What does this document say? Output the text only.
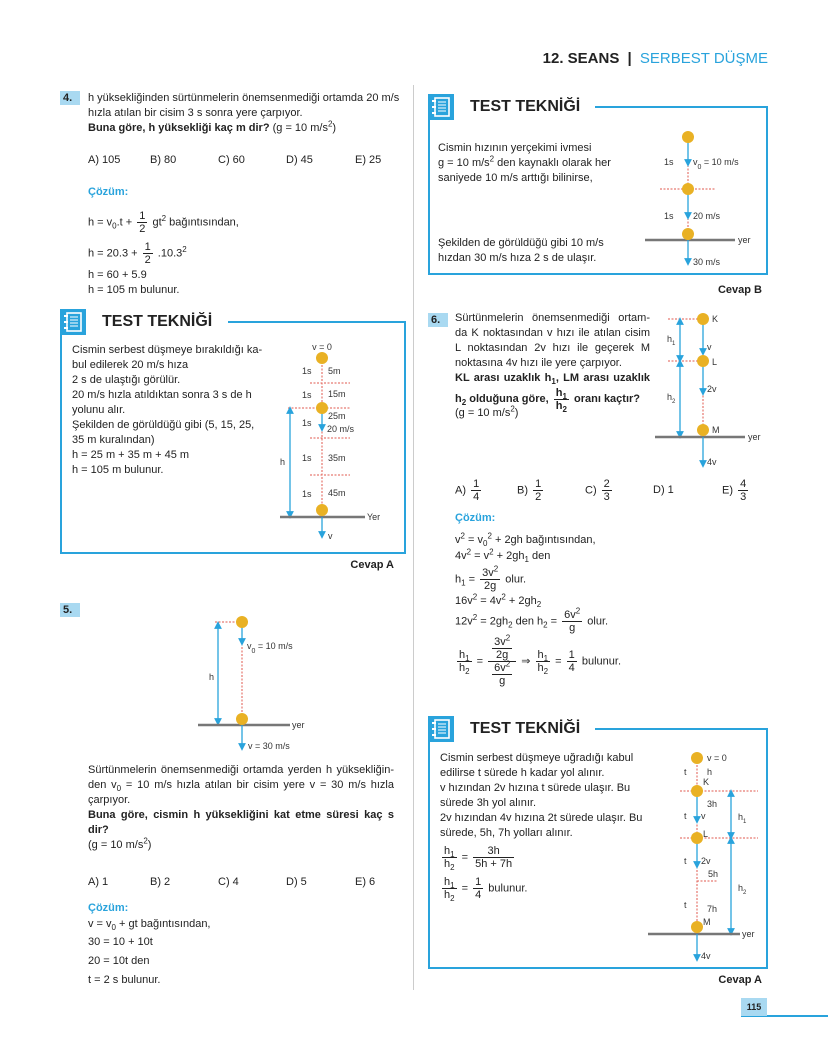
12. SEANS | SERBEST DÜŞME
4.	h yüksekliğinden sürtünmelerin önemsenmediği ortamda 20 m/s
hızla atılan bir cisim 3 s sonra yere çarpıyor.
Buna göre, h yüksekliği kaç m dir? (g = 10 $m/s^2$)
A) 105	B) 80	C) 60	D) 45	E) 25
Çözüm:
$h = v_0.t + \frac{1}{2} gt^2$ bağıntısından,
$h = 20.3 + \frac{1}{2} .10.3^2$
h = 60 + 5.9
h = 105 m bulunur.
TEST TEKNİĞİ
Cismin serbest düşmeye bırakıldığı ka-
bul edilerek 20 m/s hıza
2 s de ulaştığı görülür.
20 m/s hızla atıldıktan sonra 3 s de h
yolunu alır.
Şekilden de görüldüğü gibi (5, 15, 25,
35 m kuralından)
h = 25 m + 35 m + 45 m
h = 105 m bulunur.
v = 0
1s 5m
1s 15m
25m
1s
20 m/s
1s 35m
1s 45m
h
Yer
v
Cevap A
5.
$v_0 = 10$ m/s
h
yer
v = 30 m/s
Sürtünmelerin önemsenmediği ortamda yerden h yüksekliğin-
den $v_0 = 10$ m/s hızla atılan bir cisim yere v = 30 m/s hızla
çarpıyor.
Buna göre, cismin h yüksekliğini kat etme süresi kaç s
dir?
(g = 10 $m/s^2$)
A) 1	B) 2	C) 4	D) 5	E) 6
Çözüm:
$v = v_0$ + gt bağıntısından,
30 = 10 + 10t
20 = 10t den
t = 2 s bulunur.
TEST TEKNİĞİ
Cismin hızının yerçekimi ivmesi
g = 10 $m/s^2$ den kaynaklı olarak her
saniyede 10 m/s arttığı bilinirse,
Şekilden de görüldüğü gibi 10 m/s
hızdan 30 m/s hıza 2 s de ulaşır.
1s $v_0 = 10$ m/s
1s 20 m/s
yer
30 m/s
Cevap B
6.	Sürtünmelerin önemsenmediği ortam-
da K noktasından v hızı ile atılan cisim
L noktasından 2v hızı ile geçerek M
noktasına 4v hızı ile yere çarpıyor.
KL arası uzaklık $h_1$, LM arası uzaklık
$h_2$ olduğuna göre, $\frac{h_1}{h_2}$ oranı kaçtır?
(g = 10 $m/s^2$)
K
L
M
v
2v
4v
yer
$h_1$
$h_2$
$A) \frac{1}{4}$	$B) \frac{1}{2}$	$C) \frac{2}{3}$	D) 1	$E) \frac{4}{3}$
Çözüm:
$v^2 = v_0^2 + 2gh$ bağıntısından,
$4v^2 = v^2 + 2gh_1$ den
$h_1 = \frac{3v^2}{2g}$ olur.
$16v^2 = 4v^2 + 2gh_2$
$12v^2 = 2gh_2$ den $h_2 = \frac{6v^2}{g}$ olur.
$\frac{h_1}{h_2} = \frac{\frac{3v^2}{2g}}{\frac{6v^2}{g}}$ ⇒ $\frac{h_1}{h_2} = \frac{1}{4}$ bulunur.
TEST TEKNİĞİ
Cismin serbest düşmeye uğradığı kabul
edilirse t sürede h kadar yol alınır.
v hızından 2v hızına t sürede ulaşır. Bu
sürede 3h yol alınır.
2v hızından 4v hızına 2t sürede ulaşır. Bu
sürede, 5h, 7h yolları alınır.
$\frac{h_1}{h_2} = \frac{3h}{5h + 7h}$
$\frac{h_1}{h_2} = \frac{1}{4}$ bulunur.
v = 0
t h
K
3h
t v	$h_1$
L
t 2v
5h
$h_2$
t 7h
M
yer
4v
Cevap A
115
